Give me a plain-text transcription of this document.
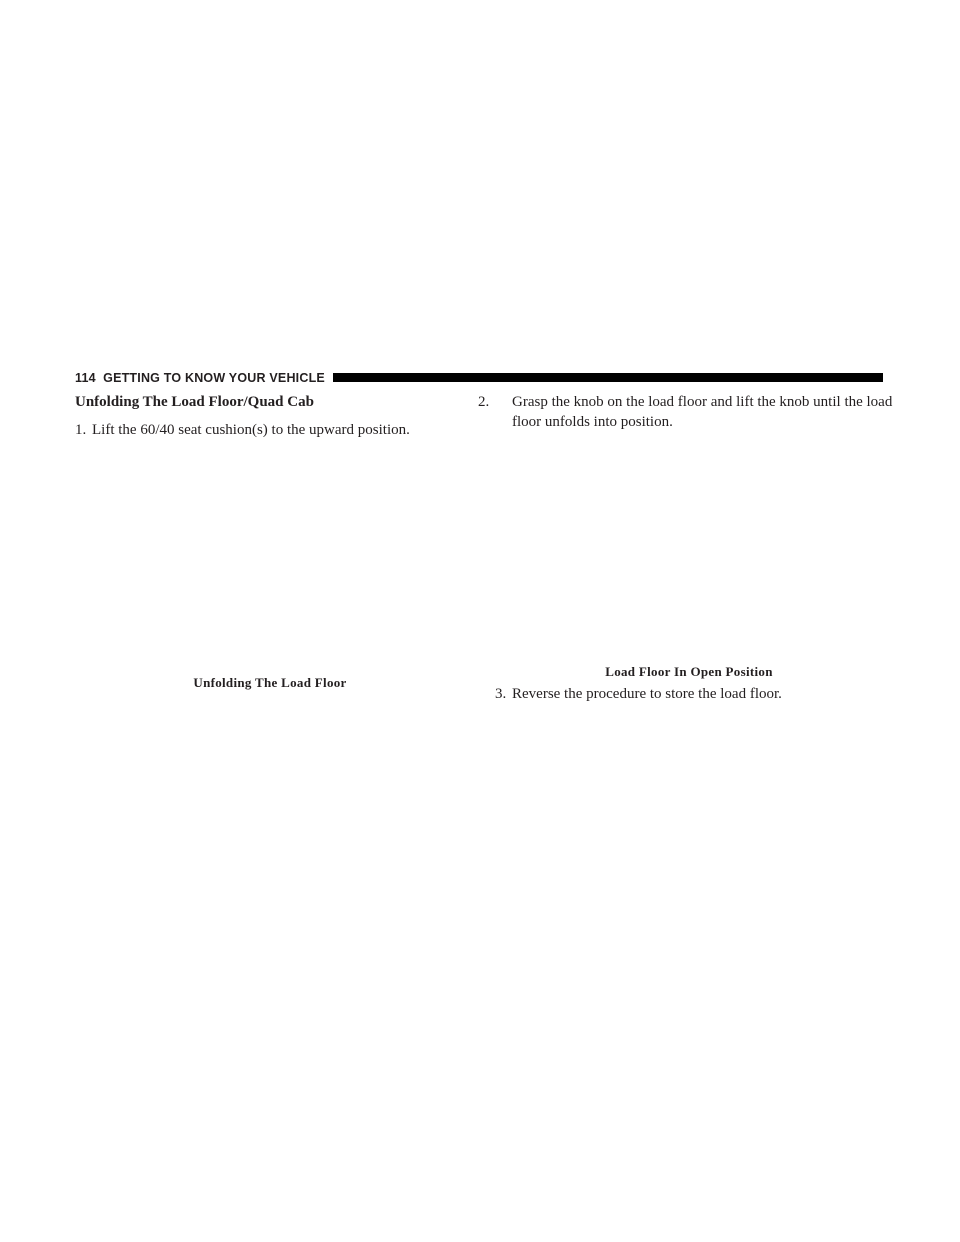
114 GETTING TO KNOW YOUR VEHICLE
Unfolding The Load Floor/Quad Cab

1. Lift the 60/40 seat cushion(s) to the upward position.

Unfolding The Load Floor

2. Grasp the knob on the load floor and lift the knob until the load floor unfolds into position.

Load Floor In Open Position

3. Reverse the procedure to store the load floor.
